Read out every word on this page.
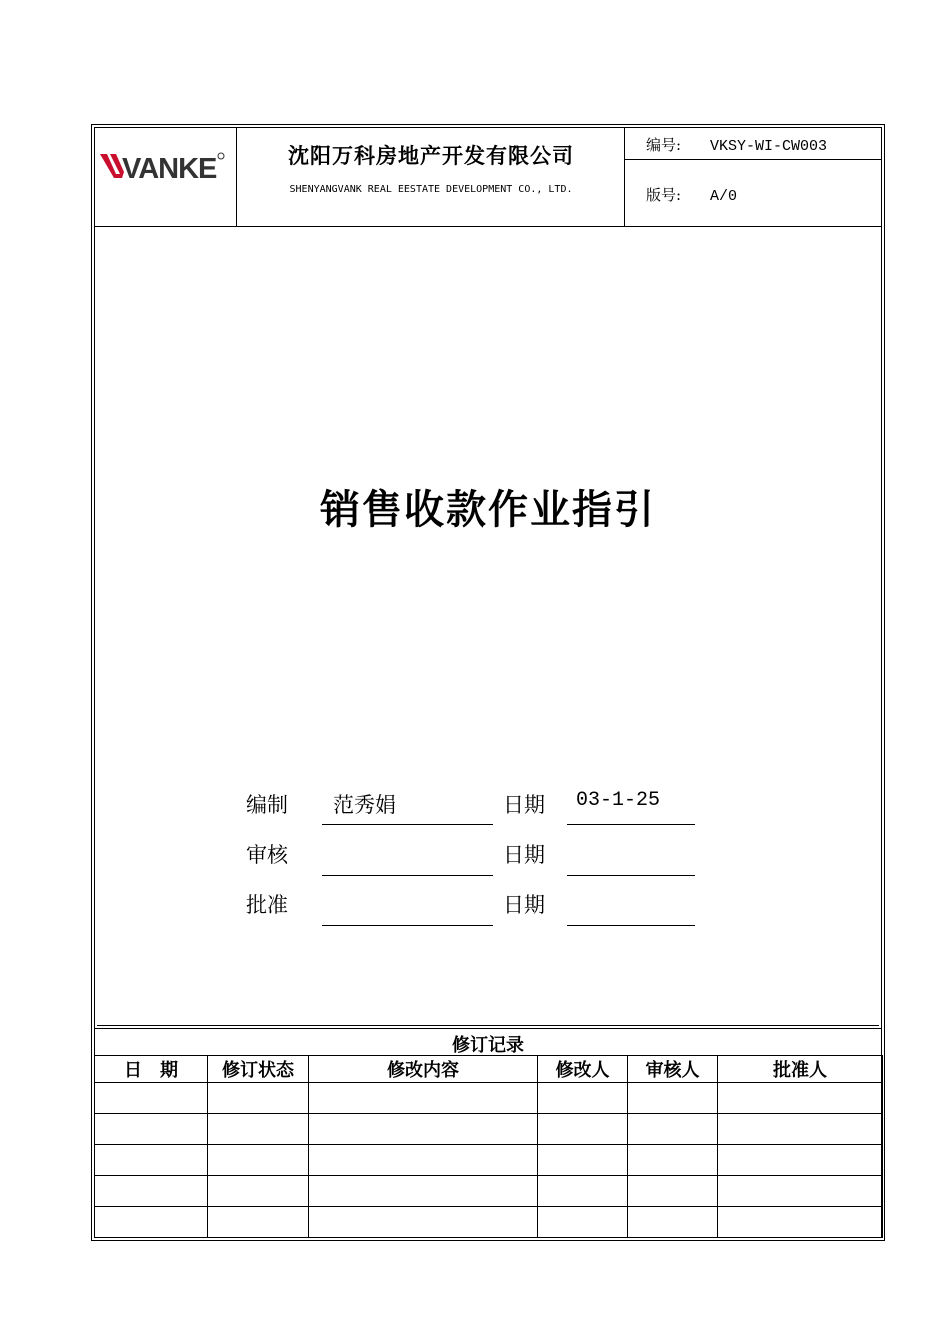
VANKE	沈阳万科房地产开发有限公司
SHENYANGVANK REAL EESTATE DEVELOPMENT CO., LTD.
编号: VKSY-WI-CW003
版号: A/0
销售收款作业指引
编制 范秀娟	日期 03-1-25
审核	日期
批准	日期
修订记录
日　期	修订状态	修改内容	修改人	审核人	批准人
